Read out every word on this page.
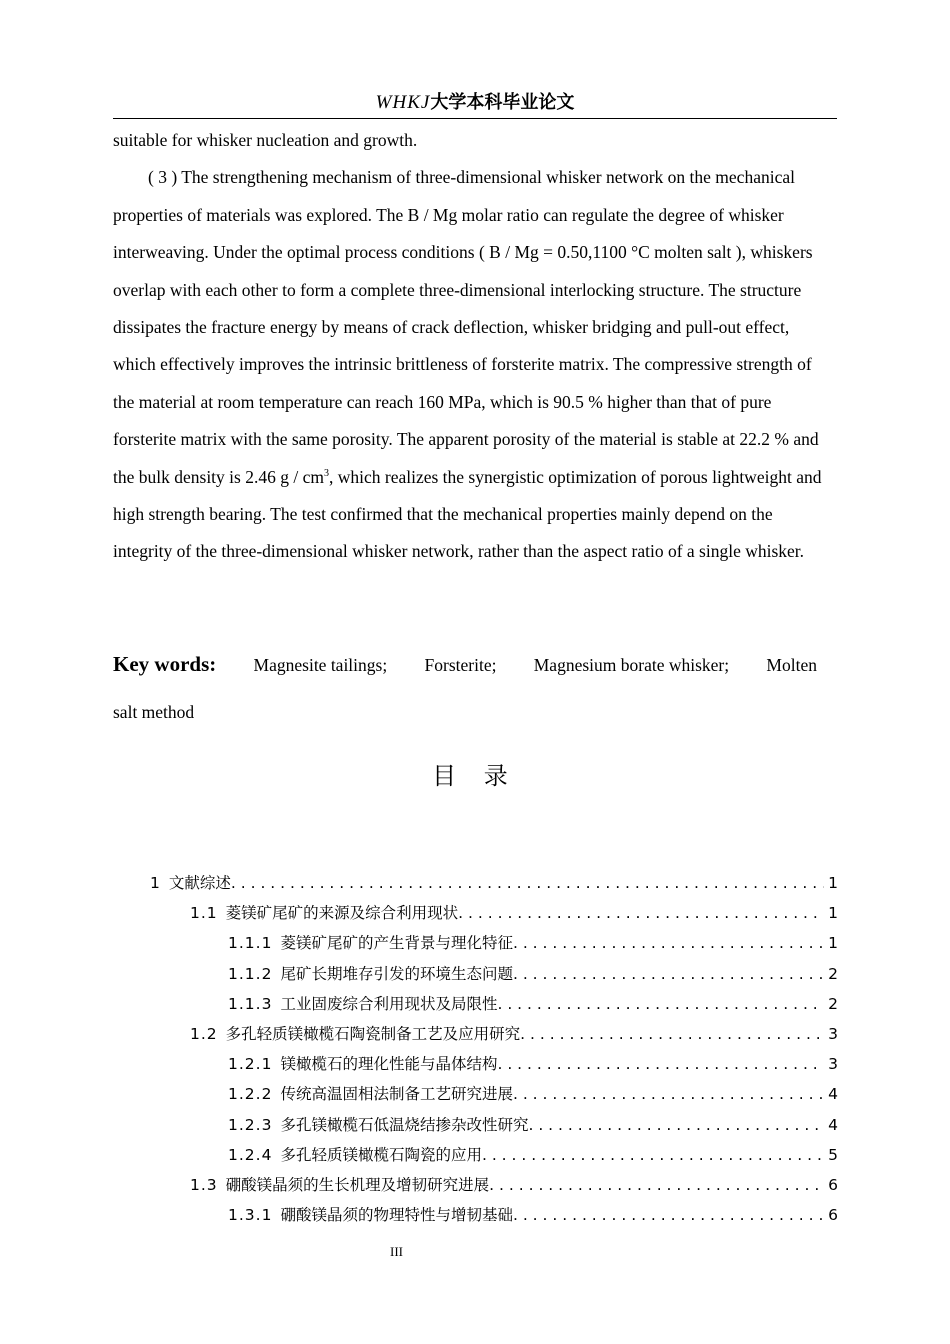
WHKJ大学本科毕业论文

suitable for whisker nucleation and growth.

( 3 ) The strengthening mechanism of three-dimensional whisker network on the mechanical properties of materials was explored. The B / Mg molar ratio can regulate the degree of whisker interweaving. Under the optimal process conditions ( B / Mg = 0.50,1100 °C molten salt ), whiskers overlap with each other to form a complete three-dimensional interlocking structure. The structure dissipates the fracture energy by means of crack deflection, whisker bridging and pull-out effect, which effectively improves the intrinsic brittleness of forsterite matrix. The compressive strength of the material at room temperature can reach 160 MPa, which is 90.5 % higher than that of pure forsterite matrix with the same porosity. The apparent porosity of the material is stable at 22.2 % and the bulk density is 2.46 g / $cm^3$, which realizes the synergistic optimization of porous lightweight and high strength bearing. The test confirmed that the mechanical properties mainly depend on the integrity of the three-dimensional whisker network, rather than the aspect ratio of a single whisker.

Key words: Magnesite tailings; Forsterite; Magnesium borate whisker; Molten
salt method
目 录
1 文献综述 . . .	1
1.1 菱镁矿尾矿的来源及综合利用现状 . . .	1
1.1.1 菱镁矿尾矿的产生背景与理化特征 . . .	1
1.1.2 尾矿长期堆存引发的环境生态问题 . . .	2
1.1.3 工业固废综合利用现状及局限性 . . .	2
1.2 多孔轻质镁橄榄石陶瓷制备工艺及应用研究 . . .	3
1.2.1 镁橄榄石的理化性能与晶体结构 . . .	3
1.2.2 传统高温固相法制备工艺研究进展 . . .	4
1.2.3 多孔镁橄榄石低温烧结掺杂改性研究 . . .	4
1.2.4 多孔轻质镁橄榄石陶瓷的应用 . . .	5
1.3 硼酸镁晶须的生长机理及增韧研究进展 . . .	6
1.3.1 硼酸镁晶须的物理特性与增韧基础 . . .	6
III
